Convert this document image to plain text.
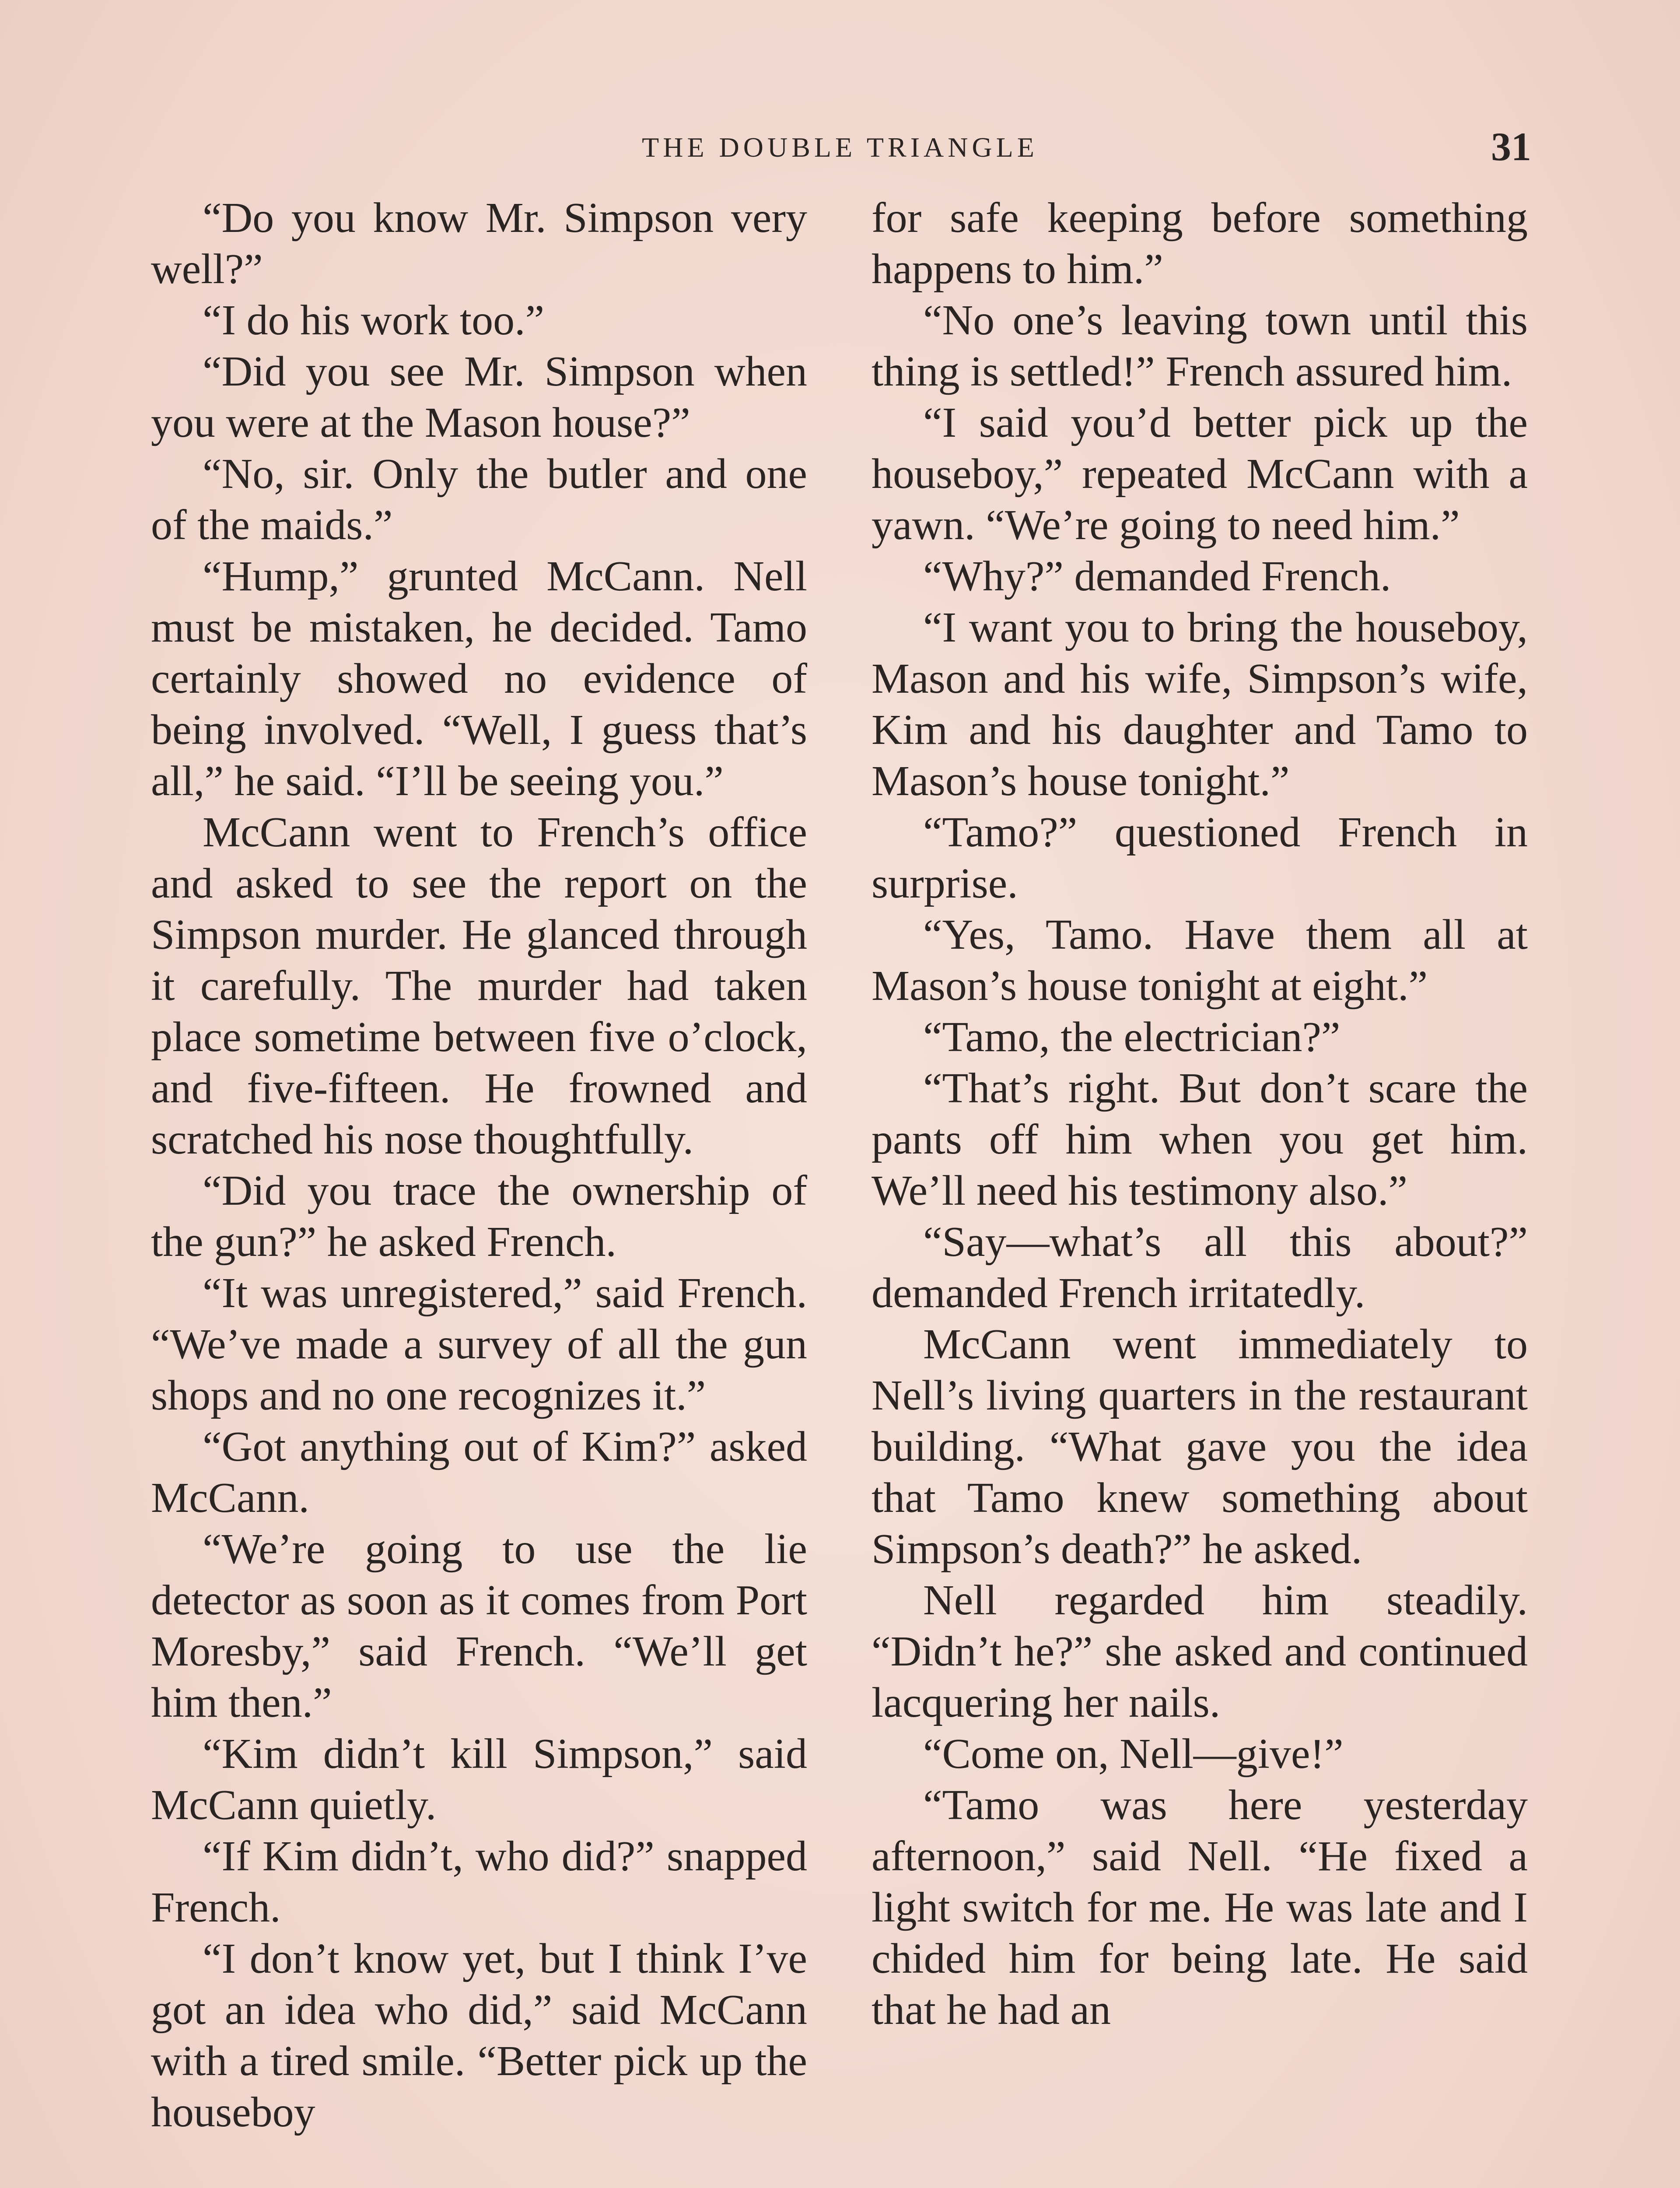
THE DOUBLE TRIANGLE	31

“Do you know Mr. Simpson very well?”

“I do his work too.”

“Did you see Mr. Simpson when you were at the Mason house?”

“No, sir. Only the butler and one of the maids.”

“Hump,” grunted McCann. Nell must be mistaken, he decided. Tamo certainly showed no evidence of being involved. “Well, I guess that’s all,” he said. “I’ll be seeing you.”

McCann went to French’s office and asked to see the report on the Simpson murder. He glanced through it carefully. The murder had taken place sometime between five o’clock, and five-fifteen. He frowned and scratched his nose thoughtfully.

“Did you trace the ownership of the gun?” he asked French.

“It was unregistered,” said French. “We’ve made a survey of all the gun shops and no one recognizes it.”

“Got anything out of Kim?” asked McCann.

“We’re going to use the lie detector as soon as it comes from Port Moresby,” said French. “We’ll get him then.”

“Kim didn’t kill Simpson,” said McCann quietly.

“If Kim didn’t, who did?” snapped French.

“I don’t know yet, but I think I’ve got an idea who did,” said McCann with a tired smile. “Better pick up the houseboy

for safe keeping before something happens to him.”

“No one’s leaving town until this thing is settled!” French assured him.

“I said you’d better pick up the houseboy,” repeated McCann with a yawn. “We’re going to need him.”

“Why?” demanded French.

“I want you to bring the houseboy, Mason and his wife, Simpson’s wife, Kim and his daughter and Tamo to Mason’s house tonight.”

“Tamo?” questioned French in surprise.

“Yes, Tamo. Have them all at Mason’s house tonight at eight.”

“Tamo, the electrician?”

“That’s right. But don’t scare the pants off him when you get him. We’ll need his testimony also.”

“Say—what’s all this about?” demanded French irritatedly.

McCann went immediately to Nell’s living quarters in the restaurant building. “What gave you the idea that Tamo knew something about Simpson’s death?” he asked.

Nell regarded him steadily. “Didn’t he?” she asked and continued lacquering her nails.

“Come on, Nell—give!”

“Tamo was here yesterday afternoon,” said Nell. “He fixed a light switch for me. He was late and I chided him for being late. He said that he had an
